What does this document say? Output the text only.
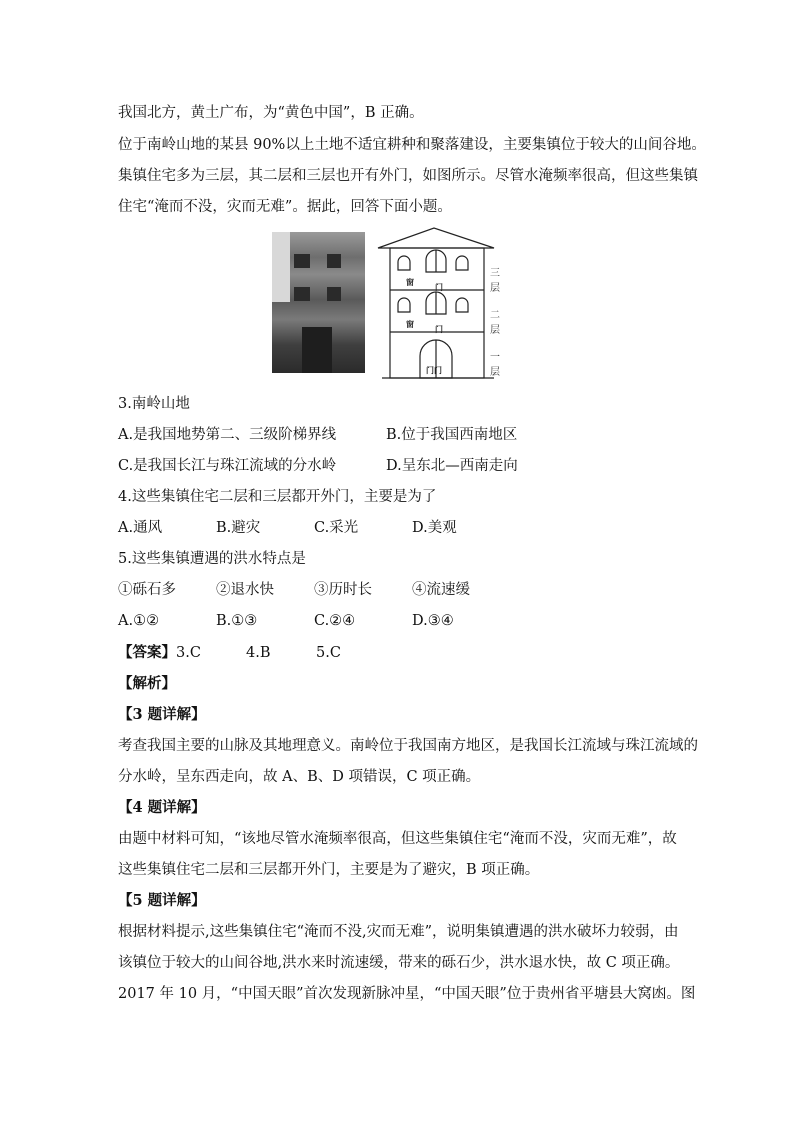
我国北方，黄土广布，为“黄色中国”，B 正确。
位于南岭山地的某县 90%以上土地不适宜耕种和聚落建设，主要集镇位于较大的山间谷地。
集镇住宅多为三层，其二层和三层也开有外门，如图所示。尽管水淹频率很高，但这些集镇
住宅“淹而不没，灾而无难”。据此，回答下面小题。
窗	门
窗	门
门门
三层
二层
一层
3.南岭山地
A.是我国地势第二、三级阶梯界线	B.位于我国西南地区
C.是我国长江与珠江流域的分水岭	D.呈东北—西南走向
4.这些集镇住宅二层和三层都开外门，主要是为了
A.通风	B.避灾	C.采光	D.美观
5.这些集镇遭遇的洪水特点是
①砾石多	②退水快	③历时长	④流速缓
A.①②	B.①③	C.②④	D.③④
【答案】 3.C	4.B	5.C
【解析】
【3 题详解】
考查我国主要的山脉及其地理意义。南岭位于我国南方地区，是我国长江流域与珠江流域的
分水岭，呈东西走向，故 A、B、D 项错误，C 项正确。
【4 题详解】
由题中材料可知，“该地尽管水淹频率很高，但这些集镇住宅“淹而不没，灾而无难”，故
这些集镇住宅二层和三层都开外门，主要是为了避灾，B 项正确。
【5 题详解】
根据材料提示,这些集镇住宅“淹而不没,灾而无难”，说明集镇遭遇的洪水破坏力较弱，由
该镇位于较大的山间谷地,洪水来时流速缓，带来的砾石少，洪水退水快，故 C 项正确。
2017 年 10 月，“中国天眼”首次发现新脉冲星，“中国天眼”位于贵州省平塘县大窝凼。图
